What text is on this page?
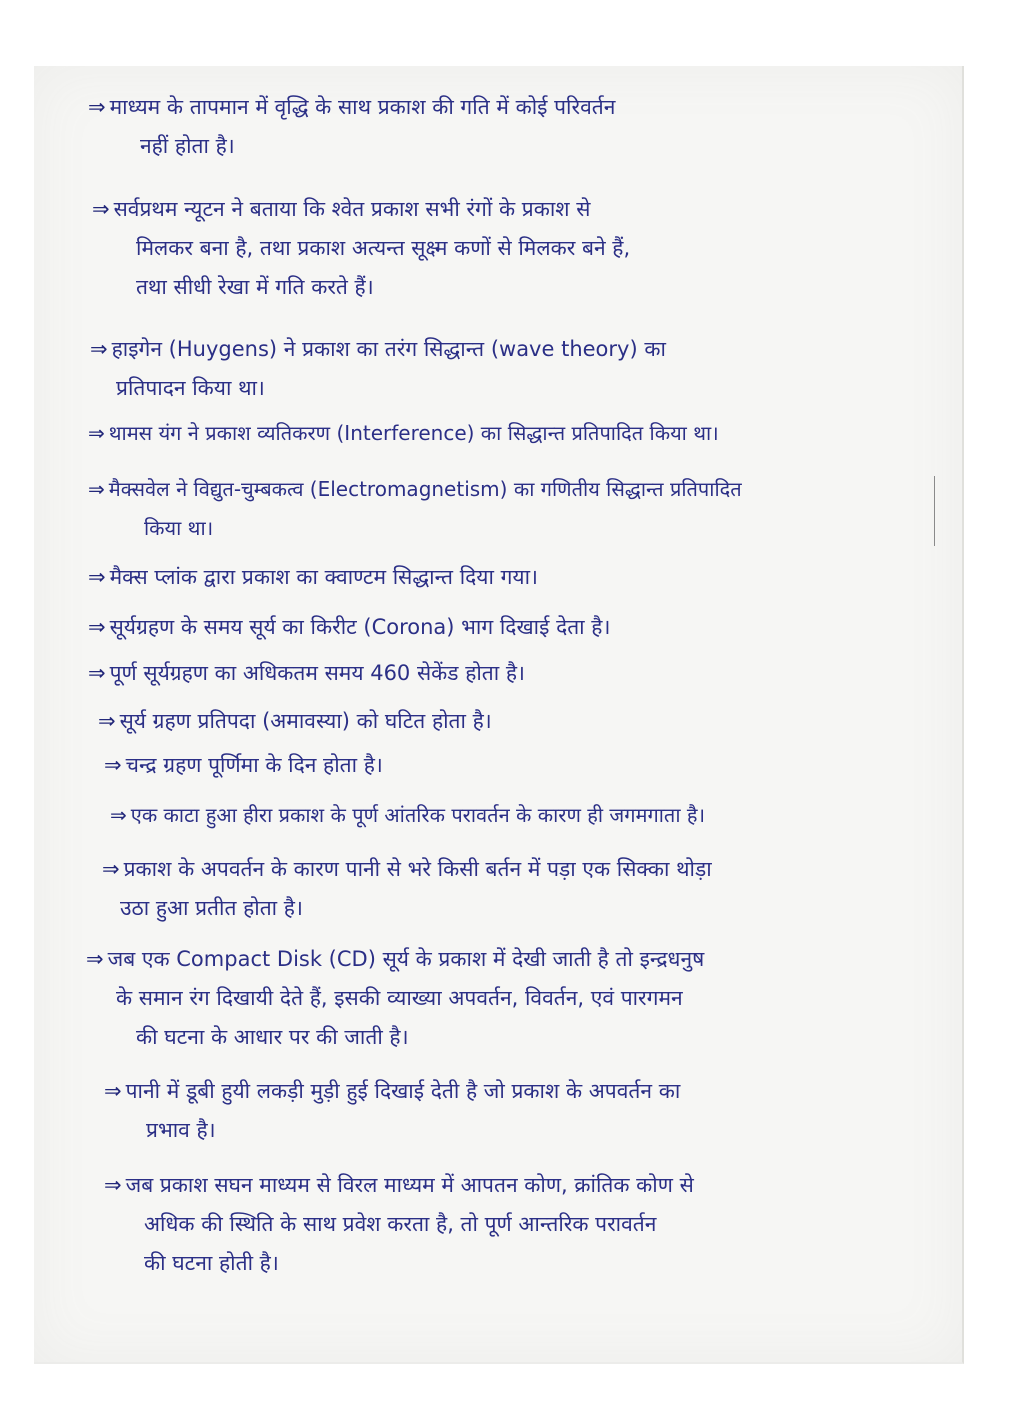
⇒ माध्यम के तापमान में वृद्धि के साथ प्रकाश की गति में कोई परिवर्तन
नहीं होता है।
⇒ सर्वप्रथम न्यूटन ने बताया कि श्वेत प्रकाश सभी रंगों के प्रकाश से
मिलकर बना है, तथा प्रकाश अत्यन्त सूक्ष्म कणों से मिलकर बने हैं,
तथा सीधी रेखा में गति करते हैं।
⇒ हाइगेन (Huygens) ने प्रकाश का तरंग सिद्धान्त (wave theory) का
प्रतिपादन किया था।
⇒ थामस यंग ने प्रकाश व्यतिकरण (Interference) का सिद्धान्त प्रतिपादित किया था।
⇒ मैक्सवेल ने विद्युत-चुम्बकत्व (Electromagnetism) का गणितीय सिद्धान्त प्रतिपादित
किया था।
⇒ मैक्स प्लांक द्वारा प्रकाश का क्वाण्टम सिद्धान्त दिया गया।
⇒ सूर्यग्रहण के समय सूर्य का किरीट (Corona) भाग दिखाई देता है।
⇒ पूर्ण सूर्यग्रहण का अधिकतम समय 460 सेकेंड होता है।
⇒ सूर्य ग्रहण प्रतिपदा (अमावस्या) को घटित होता है।
⇒ चन्द्र ग्रहण पूर्णिमा के दिन होता है।
⇒ एक काटा हुआ हीरा प्रकाश के पूर्ण आंतरिक परावर्तन के कारण ही जगमगाता है।
⇒ प्रकाश के अपवर्तन के कारण पानी से भरे किसी बर्तन में पड़ा एक सिक्का थोड़ा
उठा हुआ प्रतीत होता है।
⇒ जब एक Compact Disk (CD) सूर्य के प्रकाश में देखी जाती है तो इन्द्रधनुष
के समान रंग दिखायी देते हैं, इसकी व्याख्या अपवर्तन, विवर्तन, एवं पारगमन
की घटना के आधार पर की जाती है।
⇒ पानी में डूबी हुयी लकड़ी मुड़ी हुई दिखाई देती है जो प्रकाश के अपवर्तन का
प्रभाव है।
⇒ जब प्रकाश सघन माध्यम से विरल माध्यम में आपतन कोण, क्रांतिक कोण से
अधिक की स्थिति के साथ प्रवेश करता है, तो पूर्ण आन्तरिक परावर्तन
की घटना होती है।
